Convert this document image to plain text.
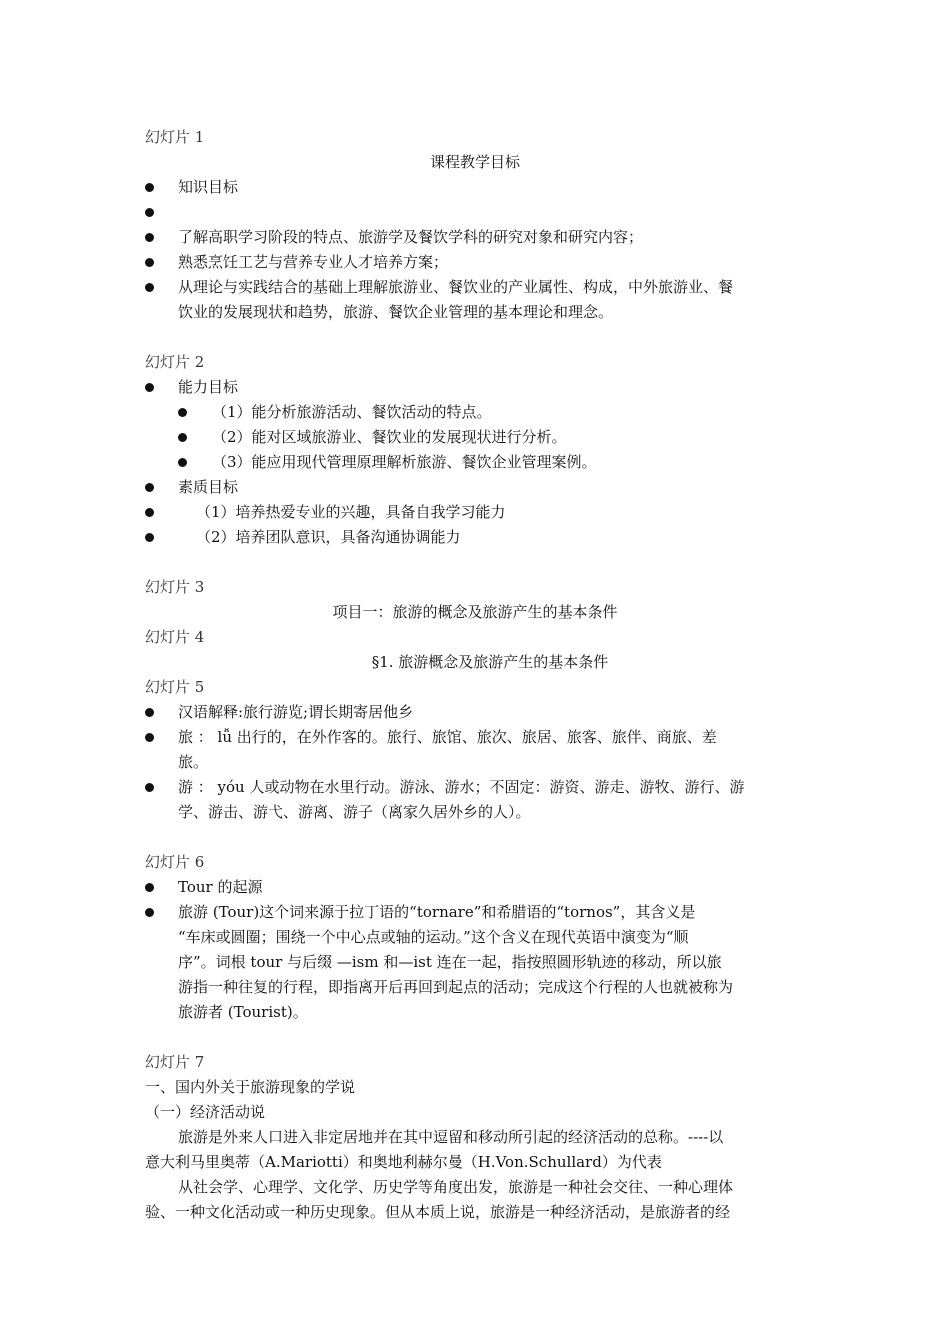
幻灯片 1
课程教学目标
知识目标
了解高职学习阶段的特点、旅游学及餐饮学科的研究对象和研究内容；
熟悉烹饪工艺与营养专业人才培养方案；
从理论与实践结合的基础上理解旅游业、餐饮业的产业属性、构成，中外旅游业、餐
饮业的发展现状和趋势，旅游、餐饮企业管理的基本理论和理念。
幻灯片 2
能力目标
（1）能分析旅游活动、餐饮活动的特点。
（2）能对区域旅游业、餐饮业的发展现状进行分析。
（3）能应用现代管理原理解析旅游、餐饮企业管理案例。
素质目标
（1）培养热爱专业的兴趣，具备自我学习能力
（2）培养团队意识，具备沟通协调能力
幻灯片 3
项目一：旅游的概念及旅游产生的基本条件
幻灯片 4
§1. 旅游概念及旅游产生的基本条件
幻灯片 5
汉语解释:旅行游览;谓长期寄居他乡
旅 ： lǚ 出行的，在外作客的。旅行、旅馆、旅次、旅居、旅客、旅伴、商旅、差
旅。
游 ： yóu 人或动物在水里行动。游泳、游水；不固定：游资、游走、游牧、游行、游
学、游击、游弋、游离、游子（离家久居外乡的人）。
幻灯片 6
Tour 的起源
旅游 (Tour)这个词来源于拉丁语的“tornare”和希腊语的“tornos”，其含义是
“车床或圆圈；围绕一个中心点或轴的运动。”这个含义在现代英语中演变为“顺
序”。词根 tour 与后缀 —ism 和—ist 连在一起，指按照圆形轨迹的移动，所以旅
游指一种往复的行程，即指离开后再回到起点的活动；完成这个行程的人也就被称为
旅游者 (Tourist)。
幻灯片 7
一、国内外关于旅游现象的学说
（一）经济活动说
旅游是外来人口进入非定居地并在其中逗留和移动所引起的经济活动的总称。----以
意大利马里奥蒂（A.Mariotti）和奥地利赫尔曼（H.Von.Schullard）为代表
从社会学、心理学、文化学、历史学等角度出发，旅游是一种社会交往、一种心理体
验、一种文化活动或一种历史现象。但从本质上说，旅游是一种经济活动，是旅游者的经
